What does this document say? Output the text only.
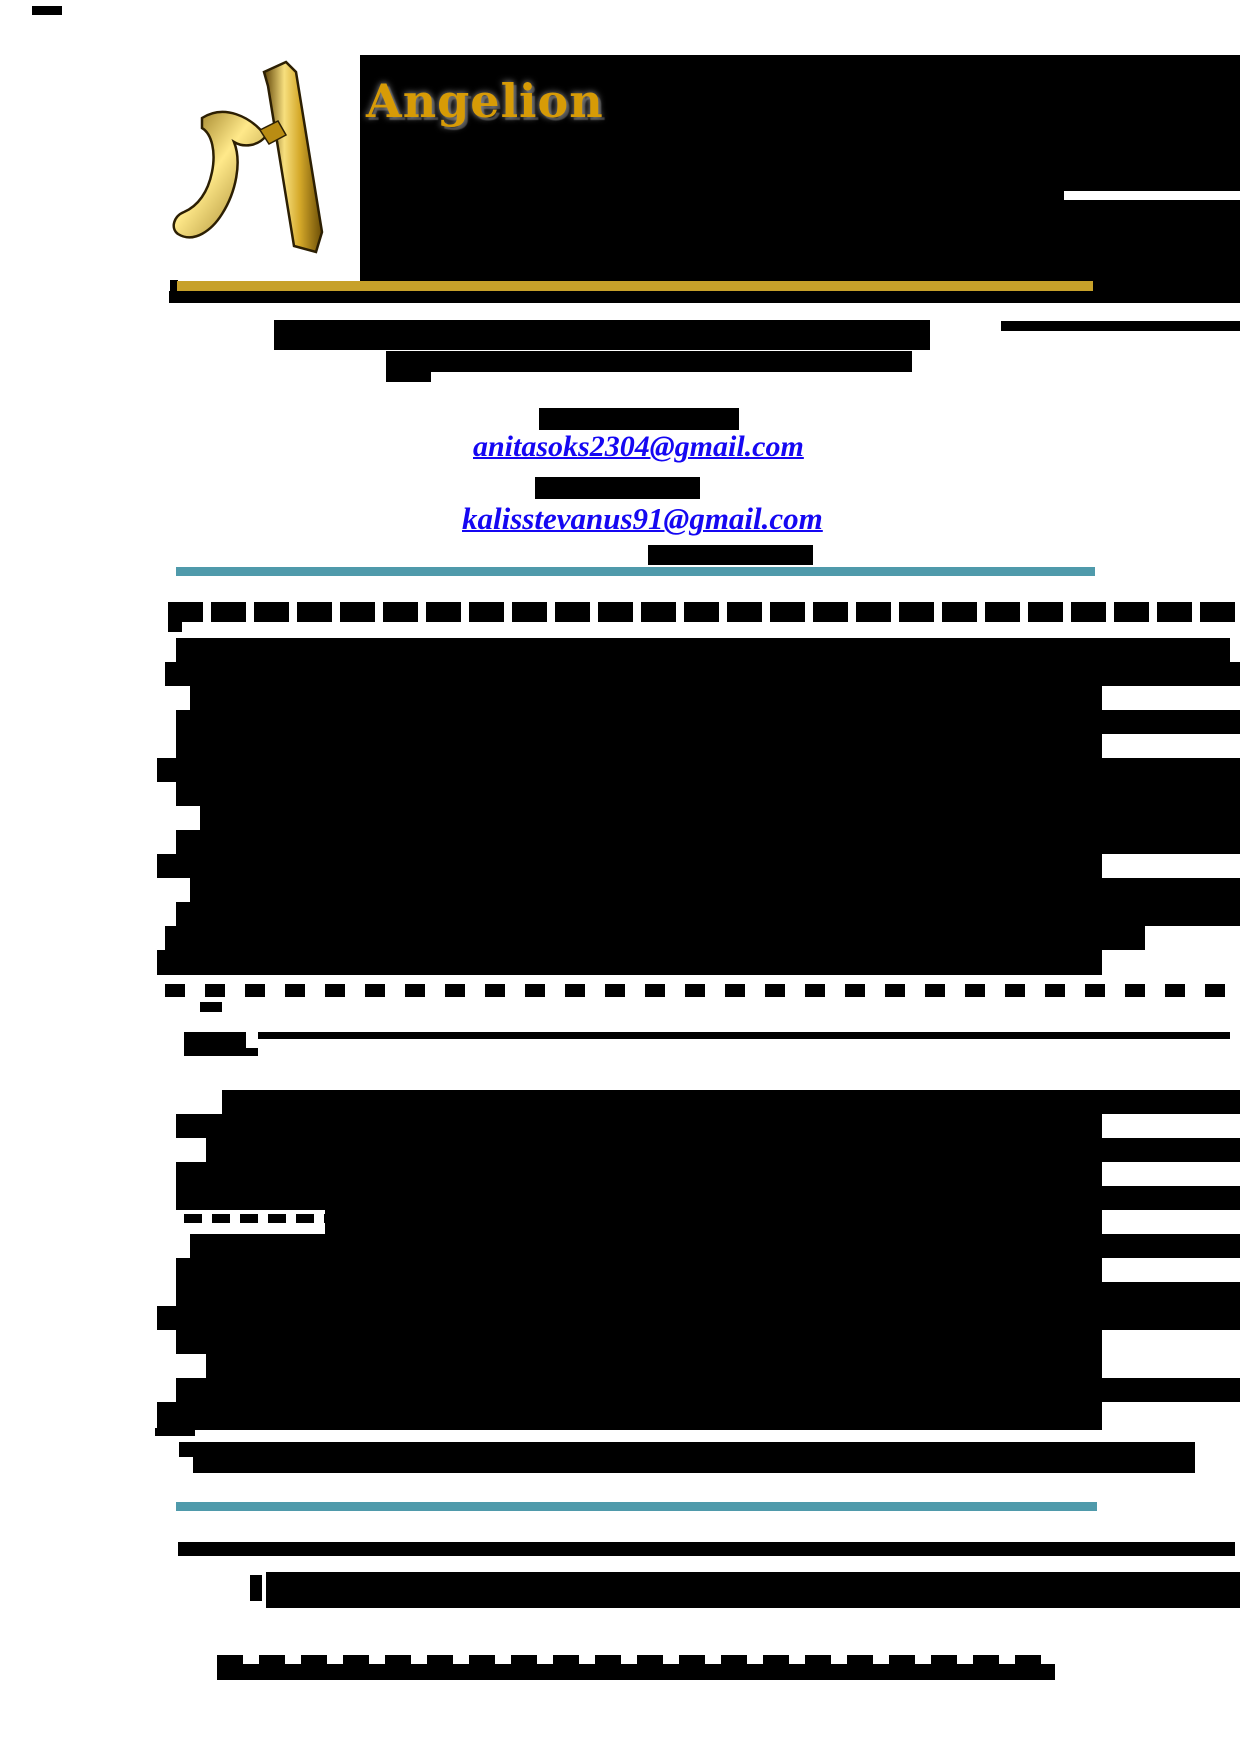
Angelion
anitasoks2304@gmail.com
kalisstevanus91@gmail.com
